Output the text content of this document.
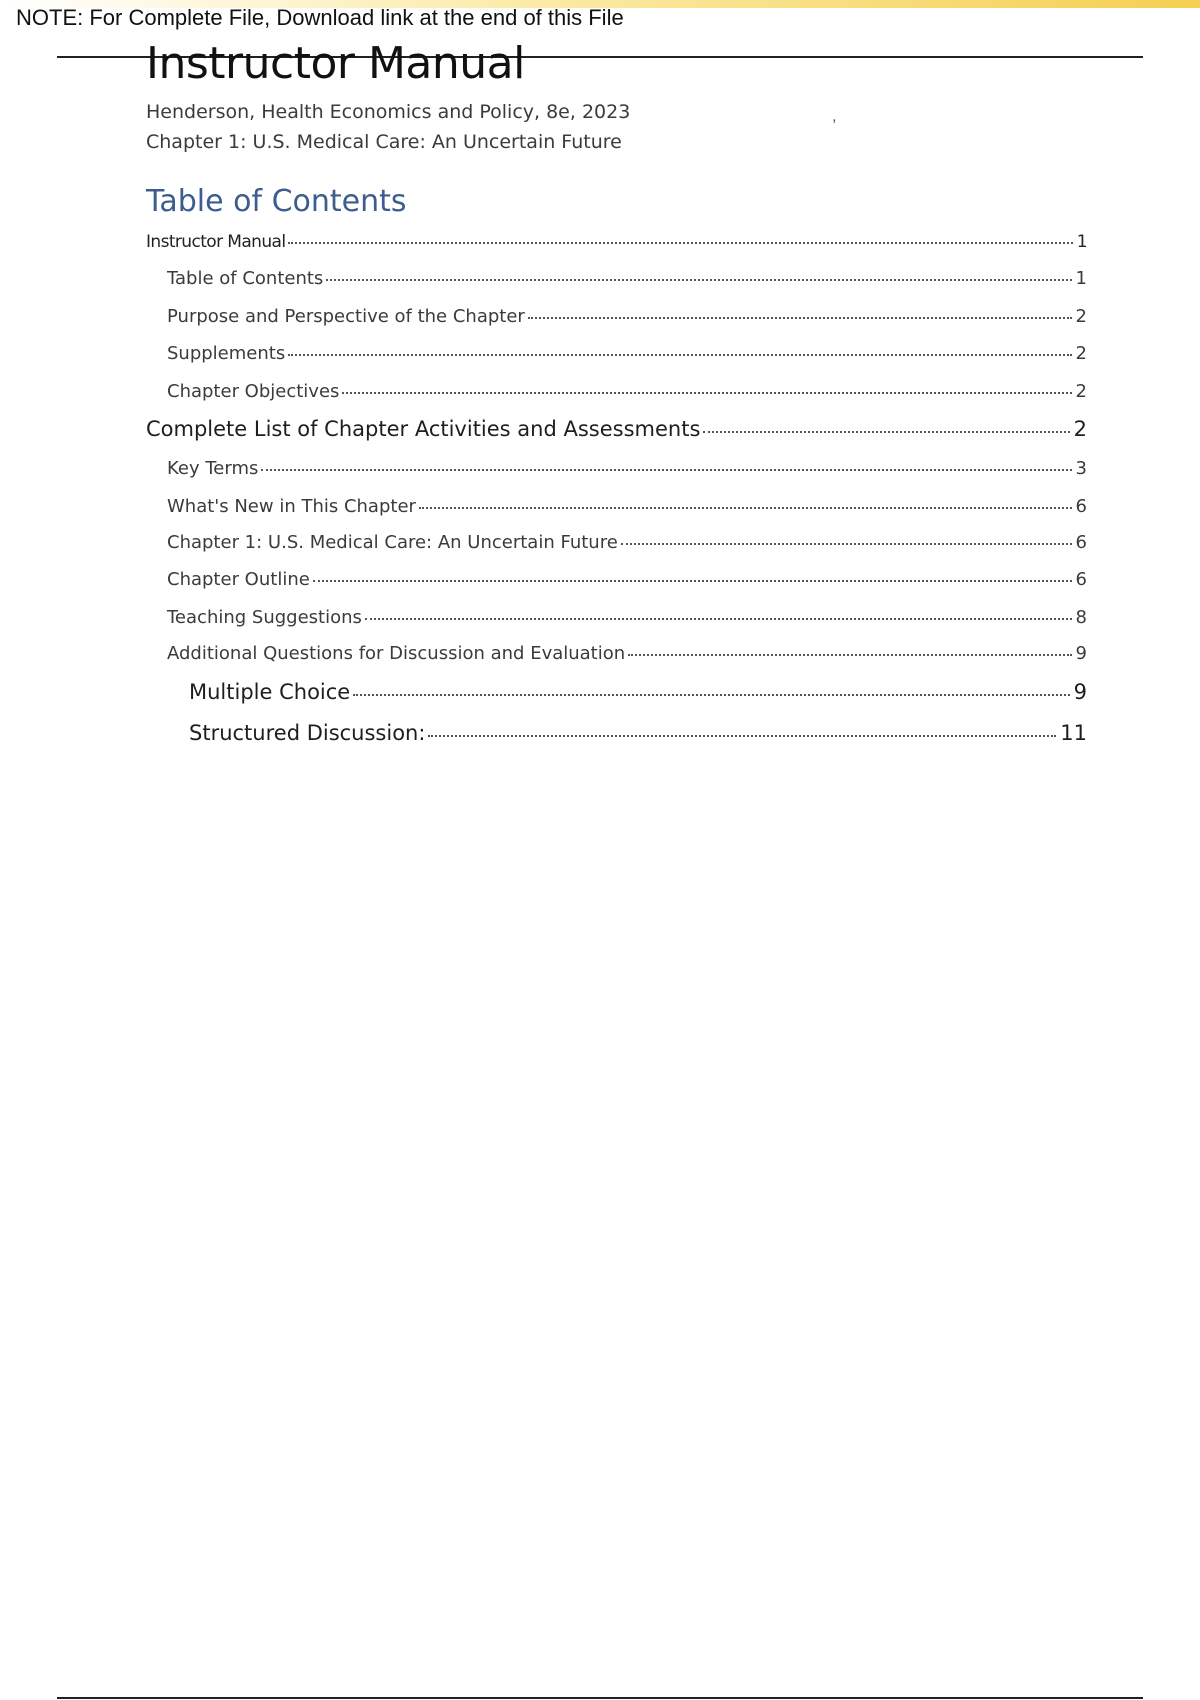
NOTE: For Complete File, Download link at the end of this File
Instructor Manual
Henderson, Health Economics and Policy, 8e, 2023
Chapter 1: U.S. Medical Care: An Uncertain Future
,
Table of Contents
Instructor Manual	1
Table of Contents	1
Purpose and Perspective of the Chapter	2
Supplements	2
Chapter Objectives	2
Complete List of Chapter Activities and Assessments	2
Key Terms	3
What's New in This Chapter	6
Chapter 1: U.S. Medical Care: An Uncertain Future	6
Chapter Outline	6
Teaching Suggestions	8
Additional Questions for Discussion and Evaluation	9
Multiple Choice	9
Structured Discussion:	11
